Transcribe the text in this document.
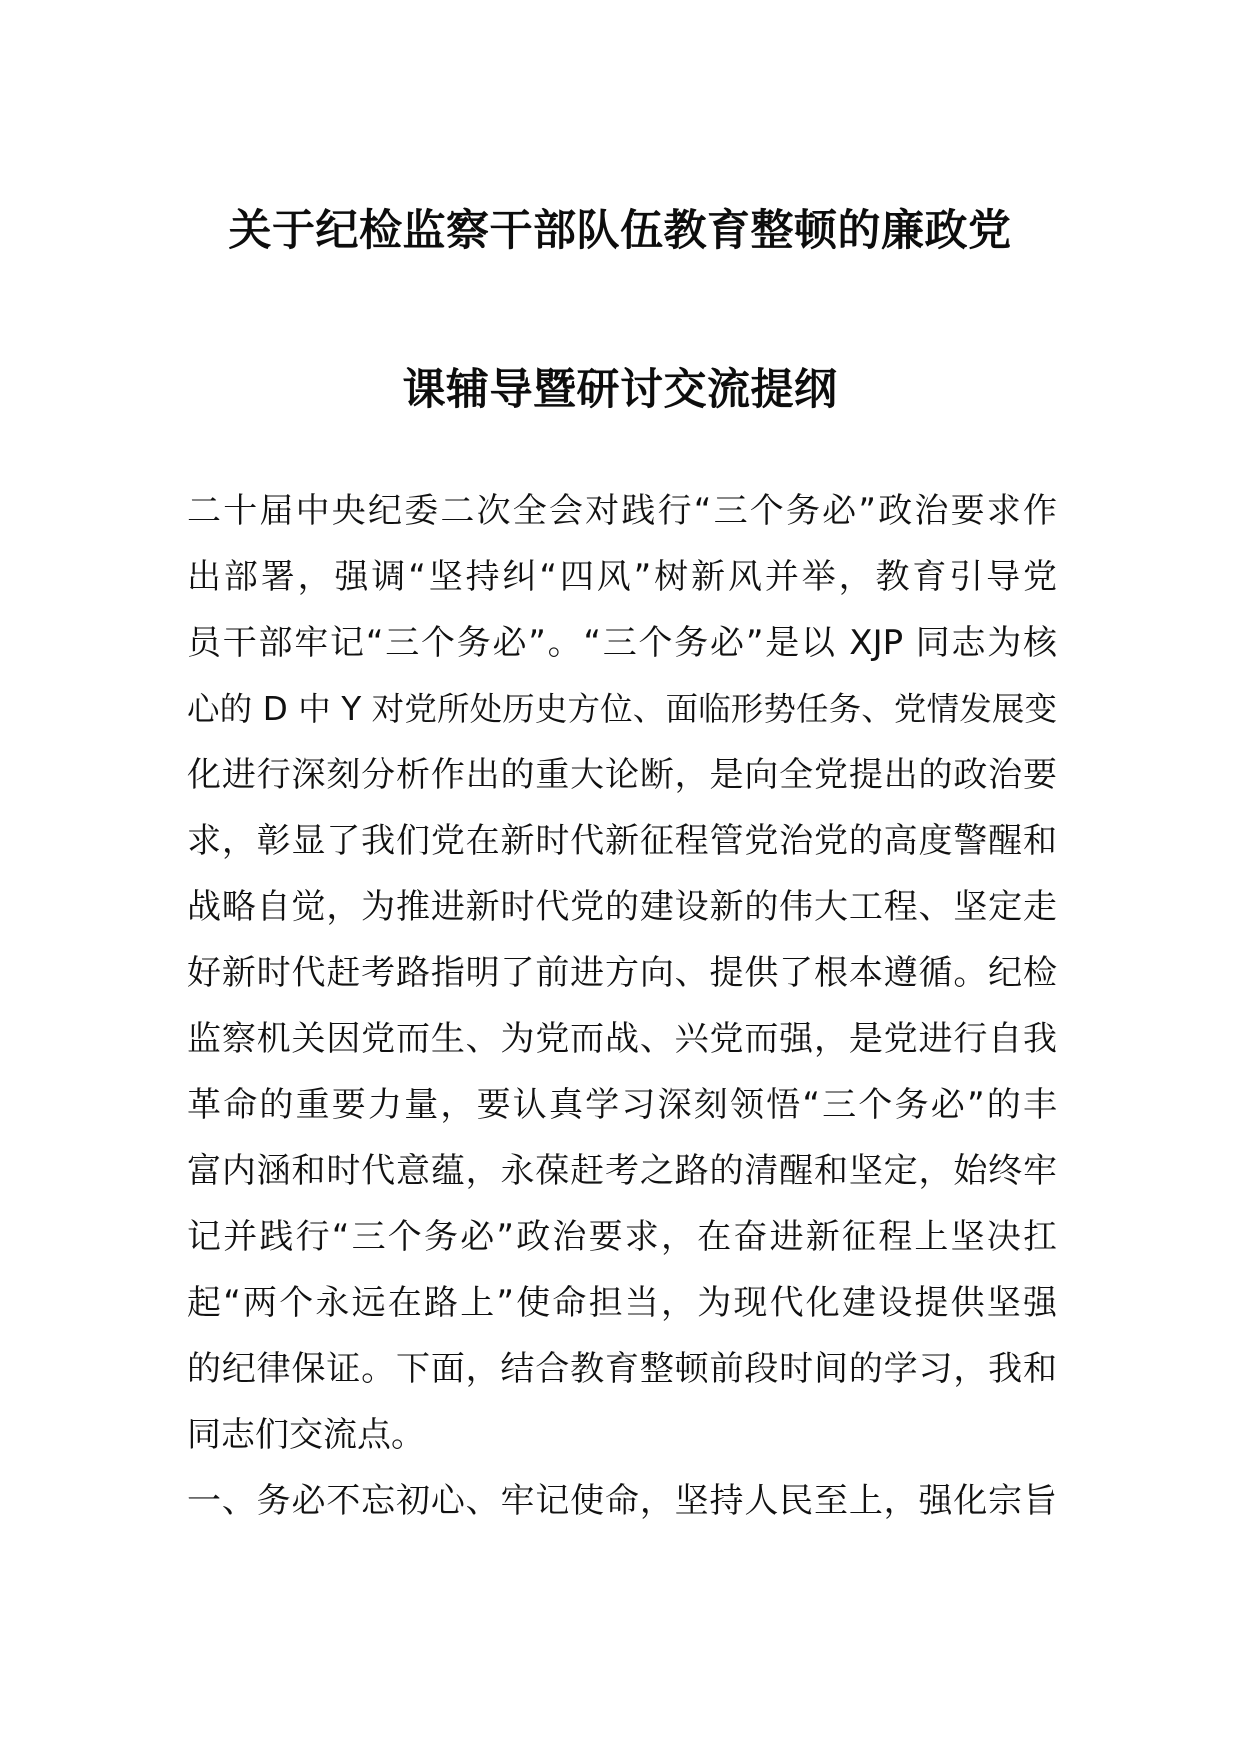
关于纪检监察干部队伍教育整顿的廉政党
课辅导暨研讨交流提纲
二十届中央纪委二次全会对践行“三个务必”政治要求作
出部署，强调“坚持纠“四风”树新风并举，教育引导党
员干部牢记“三个务必”。“三个务必”是以 XJP 同志为核
心的 D 中 Y 对党所处历史方位、面临形势任务、党情发展变
化进行深刻分析作出的重大论断，是向全党提出的政治要
求，彰显了我们党在新时代新征程管党治党的高度警醒和
战略自觉，为推进新时代党的建设新的伟大工程、坚定走
好新时代赶考路指明了前进方向、提供了根本遵循。纪检
监察机关因党而生、为党而战、兴党而强，是党进行自我
革命的重要力量，要认真学习深刻领悟“三个务必”的丰
富内涵和时代意蕴，永葆赶考之路的清醒和坚定，始终牢
记并践行“三个务必”政治要求，在奋进新征程上坚决扛
起“两个永远在路上”使命担当，为现代化建设提供坚强
的纪律保证。下面，结合教育整顿前段时间的学习，我和
同志们交流点。
一、务必不忘初心、牢记使命，坚持人民至上，强化宗旨
